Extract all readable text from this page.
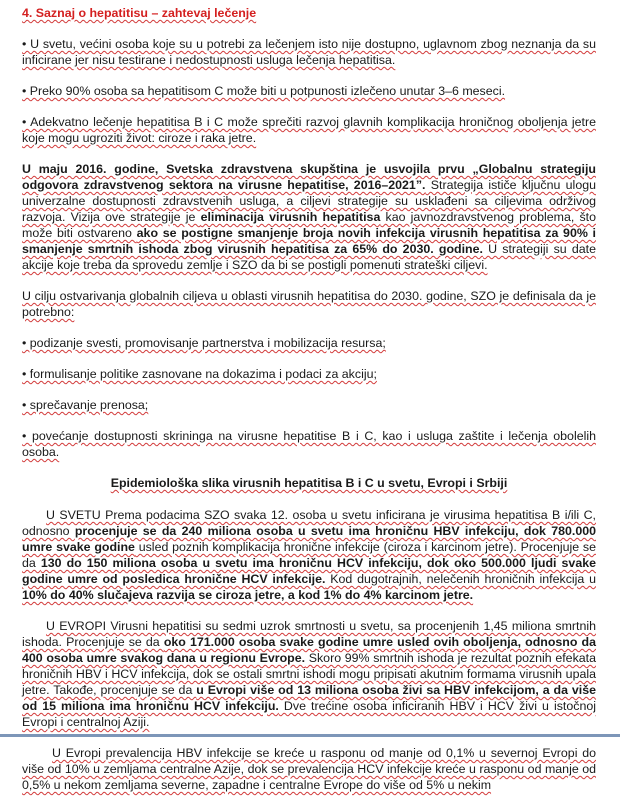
4. Saznaj o hepatitisu – zahtevaj lečenje

• U svetu, većini osoba koje su u potrebi za lečenjem isto nije dostupno, uglavnom zbog neznanja da su inficirane jer nisu testirane i nedostupnosti usluga lečenja hepatitisa.

• Preko 90% osoba sa hepatitisom C može biti u potpunosti izlečeno unutar 3–6 meseci.

• Adekvatno lečenje hepatitisa B i C može sprečiti razvoj glavnih komplikacija hroničnog oboljenja jetre koje mogu ugroziti život: ciroze i raka jetre.

U maju 2016. godine, Svetska zdravstvena skupština je usvojila prvu „Globalnu strategiju odgovora zdravstvenog sektora na virusne hepatitise, 2016–2021”. Strategija ističe ključnu ulogu univerzalne dostupnosti zdravstvenih usluga, a ciljevi strategije su usklađeni sa ciljevima održivog razvoja. Vizija ove strategije je eliminacija virusnih hepatitisa kao javnozdravstvenog problema, što može biti ostvareno ako se postigne smanjenje broja novih infekcija virusnih hepatitisa za 90% i smanjenje smrtnih ishoda zbog virusnih hepatitisa za 65% do 2030. godine. U strategiji su date akcije koje treba da sprovedu zemlje i SZO da bi se postigli pomenuti strateški ciljevi.

U cilju ostvarivanja globalnih ciljeva u oblasti virusnih hepatitisa do 2030. godine, SZO je definisala da je potrebno:

• podizanje svesti, promovisanje partnerstva i mobilizacija resursa;

• formulisanje politike zasnovane na dokazima i podaci za akciju;

• sprečavanje prenosa;

• povećanje dostupnosti skrininga na virusne hepatitise B i C, kao i usluga zaštite i lečenja obolelih osoba.

Epidemiološka slika virusnih hepatitisa B i C u svetu, Evropi i Srbiji

U SVETU Prema podacima SZO svaka 12. osoba u svetu inficirana je virusima hepatitisa B i/ili C, odnosno procenjuje se da 240 miliona osoba u svetu ima hroničnu HBV infekciju, dok 780.000 umre svake godine usled poznih komplikacija hronične infekcije (ciroza i karcinom jetre). Procenjuje se da 130 do 150 miliona osoba u svetu ima hroničnu HCV infekciju, dok oko 500.000 ljudi svake godine umre od posledica hronične HCV infekcije. Kod dugotrajnih, nelečenih hroničnih infekcija u 10% do 40% slučajeva razvija se ciroza jetre, a kod 1% do 4% karcinom jetre.

U EVROPI Virusni hepatitisi su sedmi uzrok smrtnosti u svetu, sa procenjenih 1,45 miliona smrtnih ishoda. Procenjuje se da oko 171.000 osoba svake godine umre usled ovih oboljenja, odnosno da 400 osoba umre svakog dana u regionu Evrope. Skoro 99% smrtnih ishoda je rezultat poznih efekata hroničnih HBV i HCV infekcija, dok se ostali smrtni ishodi mogu pripisati akutnim formama virusnih upala jetre. Takođe, procenjuje se da u Evropi više od 13 miliona osoba živi sa HBV infekcijom, a da više od 15 miliona ima hroničnu HCV infekciju. Dve trećine osoba inficiranih HBV i HCV živi u istočnoj Evropi i centralnoj Aziji.

U Evropi prevalencija HBV infekcije se kreće u rasponu od manje od 0,1% u severnoj Evropi do više od 10% u zemljama centralne Azije, dok se prevalencija HCV infekcije kreće u rasponu od manje od 0,5% u nekom zemljama severne, zapadne i centralne Evrope do više od 5% u nekim
